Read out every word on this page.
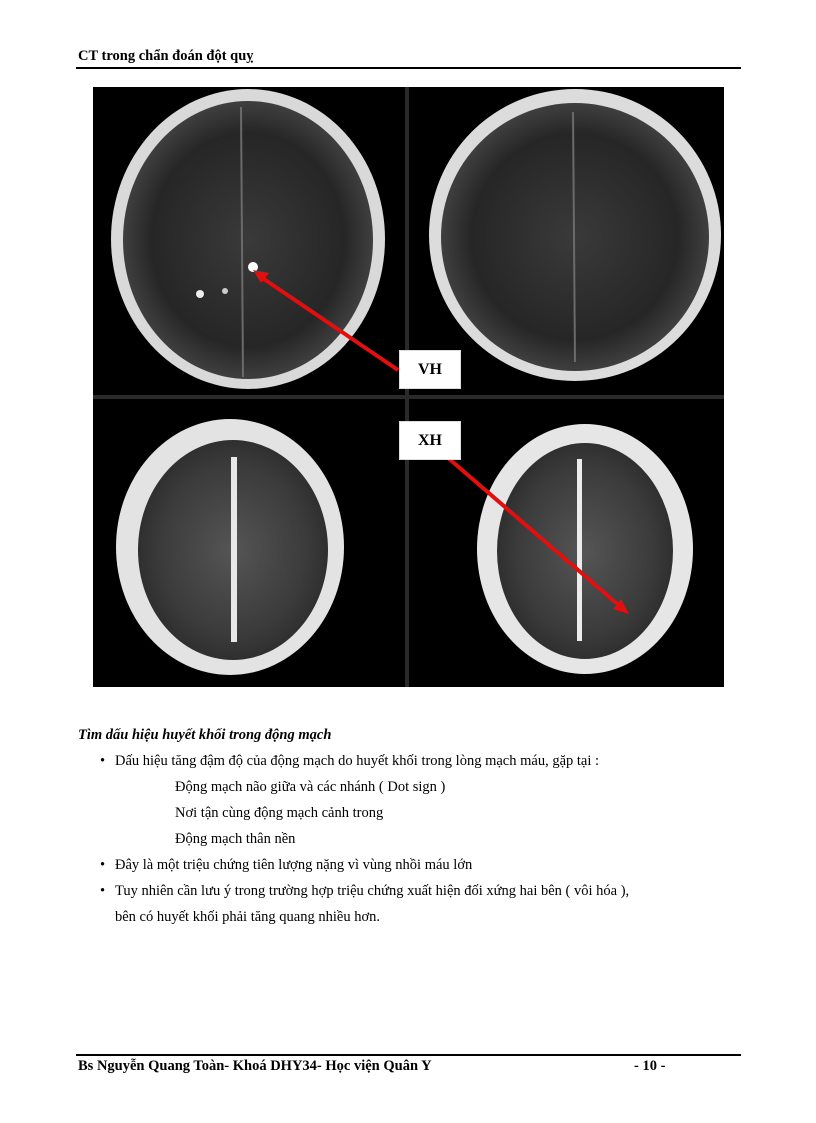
CT trong chẩn đoán đột quỵ
VH
XH
Tìm dấu hiệu huyết khối trong động mạch
• Dấu hiệu tăng đậm độ của động mạch do huyết khối trong lòng mạch máu, gặp tại :
Động mạch não giữa và các nhánh ( Dot sign )
Nơi tận cùng động mạch cảnh trong
Động mạch thân nền
• Đây là một triệu chứng tiên lượng nặng vì vùng nhồi máu lớn
• Tuy nhiên cần lưu ý trong trường hợp triệu chứng xuất hiện đối xứng hai bên ( vôi hóa ),
bên có huyết khối phải tăng quang nhiều hơn.
Bs Nguyễn Quang Toàn- Khoá DHY34- Học viện Quân Y	- 10 -
